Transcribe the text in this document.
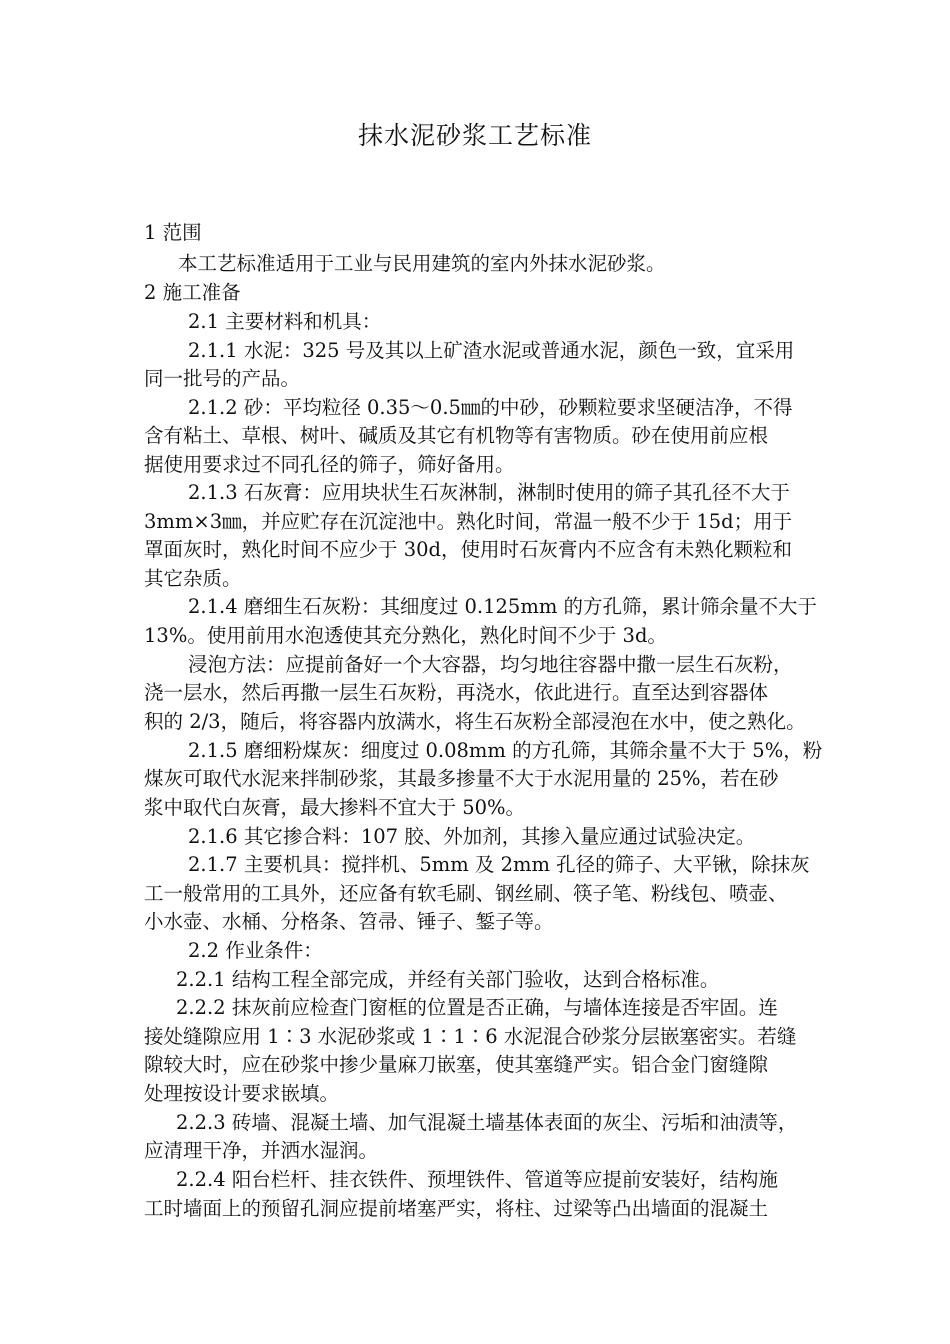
抹水泥砂浆工艺标准
1 范围
本工艺标准适用于工业与民用建筑的室内外抹水泥砂浆。
2 施工准备
2.1 主要材料和机具：
2.1.1 水泥：325 号及其以上矿渣水泥或普通水泥，颜色一致，宜采用
同一批号的产品。
2.1.2 砂：平均粒径 0.35～0.5㎜的中砂，砂颗粒要求坚硬洁净，不得
含有粘土、草根、树叶、碱质及其它有机物等有害物质。砂在使用前应根
据使用要求过不同孔径的筛子，筛好备用。
2.1.3 石灰膏：应用块状生石灰淋制，淋制时使用的筛子其孔径不大于
3mm×3㎜，并应贮存在沉淀池中。熟化时间，常温一般不少于 15d；用于
罩面灰时，熟化时间不应少于 30d，使用时石灰膏内不应含有未熟化颗粒和
其它杂质。
2.1.4 磨细生石灰粉：其细度过 0.125mm 的方孔筛，累计筛余量不大于
13%。使用前用水泡透使其充分熟化，熟化时间不少于 3d。
浸泡方法：应提前备好一个大容器，均匀地往容器中撒一层生石灰粉，
浇一层水，然后再撒一层生石灰粉，再浇水，依此进行。直至达到容器体
积的 2/3，随后，将容器内放满水，将生石灰粉全部浸泡在水中，使之熟化。
2.1.5 磨细粉煤灰：细度过 0.08mm 的方孔筛，其筛余量不大于 5%，粉
煤灰可取代水泥来拌制砂浆，其最多掺量不大于水泥用量的 25%，若在砂
浆中取代白灰膏，最大掺料不宜大于 50%。
2.1.6 其它掺合料：107 胶、外加剂，其掺入量应通过试验决定。
2.1.7 主要机具：搅拌机、5mm 及 2mm 孔径的筛子、大平锹，除抹灰
工一般常用的工具外，还应备有软毛刷、钢丝刷、筷子笔、粉线包、喷壶、
小水壶、水桶、分格条、笤帚、锤子、錾子等。
2.2 作业条件：
2.2.1 结构工程全部完成，并经有关部门验收，达到合格标准。
2.2.2 抹灰前应检查门窗框的位置是否正确，与墙体连接是否牢固。连
接处缝隙应用 1∶3 水泥砂浆或 1∶1∶6 水泥混合砂浆分层嵌塞密实。若缝
隙较大时，应在砂浆中掺少量麻刀嵌塞，使其塞缝严实。铝合金门窗缝隙
处理按设计要求嵌填。
2.2.3 砖墙、混凝土墙、加气混凝土墙基体表面的灰尘、污垢和油渍等，
应清理干净，并洒水湿润。
2.2.4 阳台栏杆、挂衣铁件、预埋铁件、管道等应提前安装好，结构施
工时墙面上的预留孔洞应提前堵塞严实，将柱、过梁等凸出墙面的混凝土
